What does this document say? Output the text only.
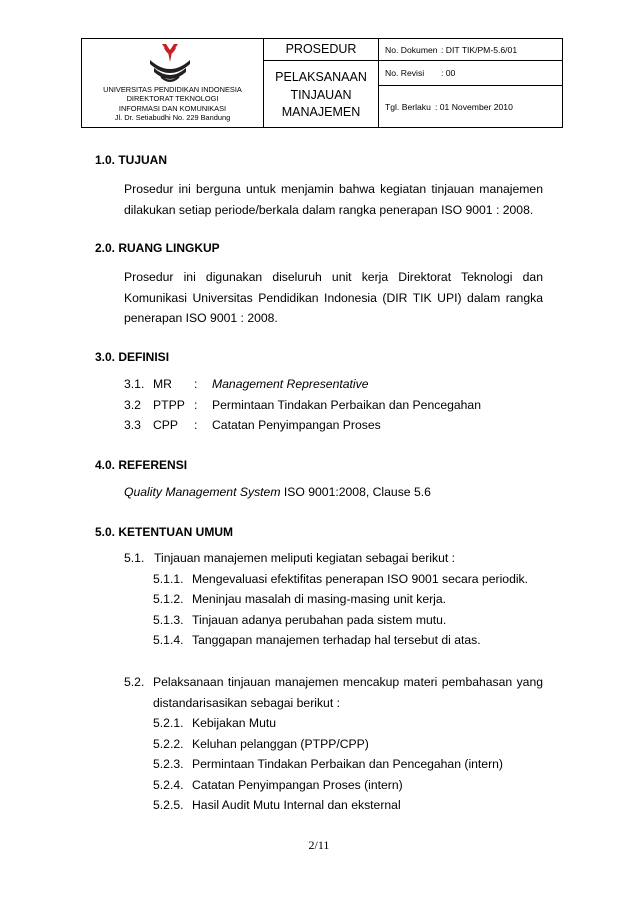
UNIVERSITAS PENDIDIKAN INDONESIA
DIREKTORAT TEKNOLOGI
INFORMASI DAN KOMUNIKASI
Jl. Dr. Setiabudhi No. 229 Bandung
PROSEDUR
PELAKSANAAN
TINJAUAN
MANAJEMEN
No. Dokumen : DIT TIK/PM-5.6/01
No. Revisi	: 00
Tgl. Berlaku : 01 November 2010
1.0. TUJUAN
Prosedur ini berguna untuk menjamin bahwa kegiatan tinjauan manajemen
dilakukan setiap periode/berkala dalam rangka penerapan ISO 9001 : 2008.
2.0. RUANG LINGKUP
Prosedur ini digunakan diseluruh unit kerja Direktorat Teknologi dan
Komunikasi Universitas Pendidikan Indonesia (DIR TIK UPI) dalam rangka
penerapan ISO 9001 : 2008.
3.0. DEFINISI
3.1. MR : Management Representative
3.2 PTPP : Permintaan Tindakan Perbaikan dan Pencegahan
3.3 CPP : Catatan Penyimpangan Proses
4.0. REFERENSI
Quality Management System ISO 9001:2008, Clause 5.6
5.0. KETENTUAN UMUM
5.1. Tinjauan manajemen meliputi kegiatan sebagai berikut :
5.1.1. Mengevaluasi efektifitas penerapan ISO 9001 secara periodik.
5.1.2. Meninjau masalah di masing-masing unit kerja.
5.1.3. Tinjauan adanya perubahan pada sistem mutu.
5.1.4. Tanggapan manajemen terhadap hal tersebut di atas.
5.2. Pelaksanaan tinjauan manajemen mencakup materi pembahasan yang
distandarisasikan sebagai berikut :
5.2.1. Kebijakan Mutu
5.2.2. Keluhan pelanggan (PTPP/CPP)
5.2.3. Permintaan Tindakan Perbaikan dan Pencegahan (intern)
5.2.4. Catatan Penyimpangan Proses (intern)
5.2.5. Hasil Audit Mutu Internal dan eksternal
2/11
